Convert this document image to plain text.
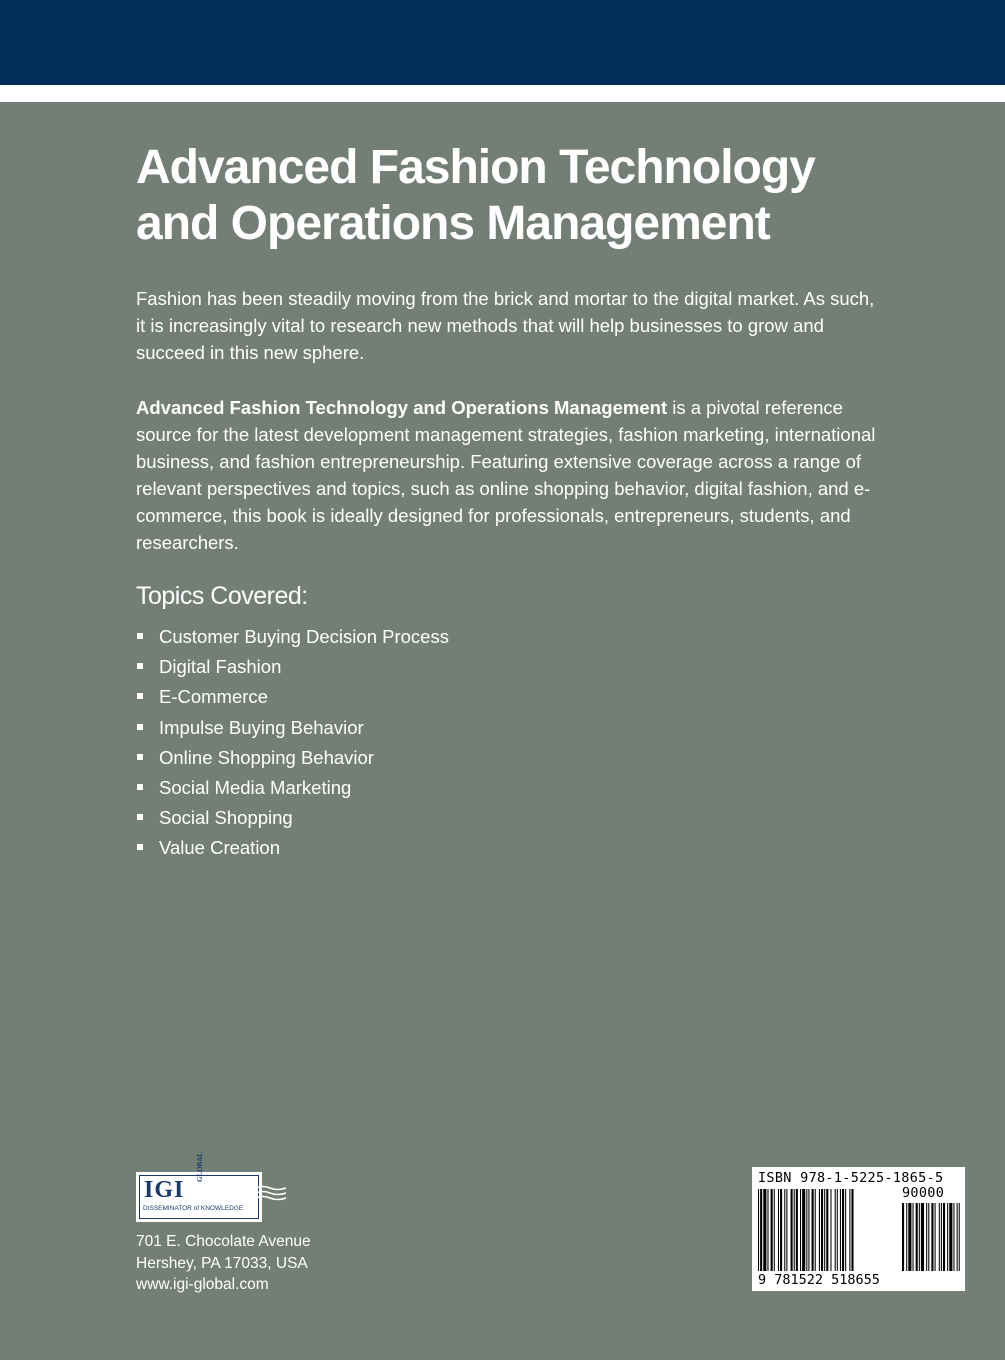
Advanced Fashion Technology
and Operations Management

Fashion has been steadily moving from the brick and mortar to the digital market. As such, it is increasingly vital to research new methods that will help businesses to grow and succeed in this new sphere.

Advanced Fashion Technology and Operations Management is a pivotal reference source for the latest development management strategies, fashion marketing, international business, and fashion entrepreneurship. Featuring extensive coverage across a range of relevant perspectives and topics, such as online shopping behavior, digital fashion, and e-commerce, this book is ideally designed for professionals, entrepreneurs, students, and researchers.

Topics Covered:
Customer Buying Decision Process
Digital Fashion
E-Commerce
Impulse Buying Behavior
Online Shopping Behavior
Social Media Marketing
Social Shopping
Value Creation
IGI
GLOBAL
DISSEMINATOR of KNOWLEDGE

701 E. Chocolate Avenue
Hershey, PA 17033, USA
www.igi-global.com

ISBN 978-1-5225-1865-5
90000
9 781522 518655
